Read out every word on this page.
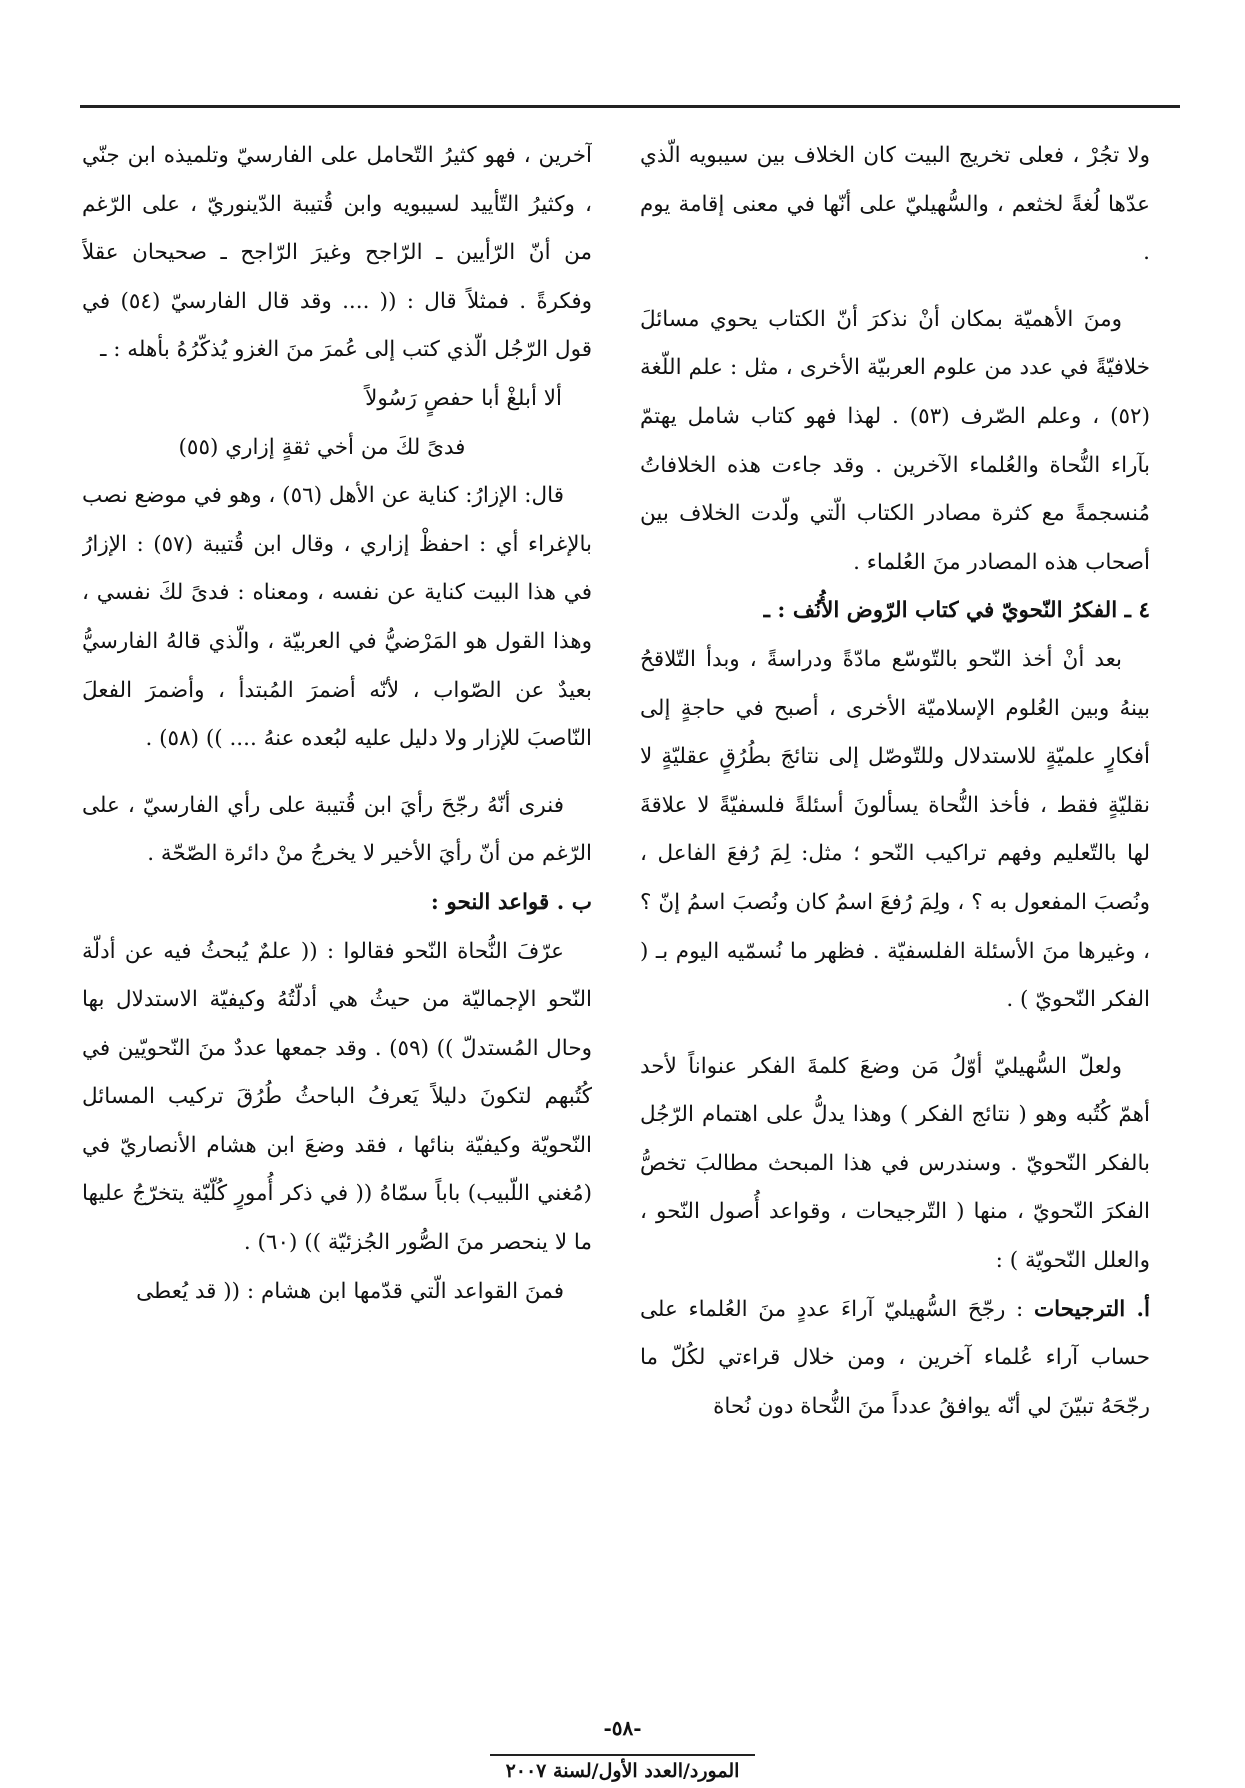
ولا تجُرْ ، فعلى تخريج البيت كان الخلاف بين سيبويه الّذي عدّها لُغةً لخثعم ، والسُّهيليّ على أنّها في معنى إقامة يوم .

ومنَ الأهميّة بمكان أنْ نذكرَ أنّ الكتاب يحوي مسائلَ خلافيّةً في عدد من علوم العربيّة الأخرى ، مثل : علم اللّغة (٥٢) ، وعلم الصّرف (٥٣) . لهذا فهو كتاب شامل يهتمّ بآراء النُّحاة والعُلماء الآخرين . وقد جاءت هذه الخلافاتُ مُنسجمةً مع كثرة مصادر الكتاب الّتي ولّدت الخلاف بين أصحاب هذه المصادر منَ العُلماء .

٤ ـ الفكرُ النّحويّ في كتاب الرّوض الأُنُف : ـ

بعد أنْ أخذ النّحو بالتّوسّع مادّةً ودراسةً ، وبدأ التّلاقحُ بينهُ وبين العُلوم الإسلاميّة الأخرى ، أصبح في حاجةٍ إلى أفكارٍ علميّةٍ للاستدلال وللتّوصّل إلى نتائجَ بطُرُقٍ عقليّةٍ لا نقليّةٍ فقط ، فأخذ النُّحاة يسألونَ أسئلةً فلسفيّةً لا علاقةَ لها بالتّعليم وفهم تراكيب النّحو ؛ مثل: لِمَ رُفعَ الفاعل ، ونُصبَ المفعول به ؟ ، ولِمَ رُفعَ اسمُ كان ونُصبَ اسمُ إنّ ؟ ، وغيرها منَ الأسئلة الفلسفيّة . فظهر ما نُسمّيه اليوم بـ ( الفكر النّحويّ ) .

ولعلّ السُّهيليّ أوّلُ مَن وضعَ كلمةَ الفكر عنواناً لأحد أهمّ كُتُبه وهو ( نتائج الفكر ) وهذا يدلُّ على اهتمام الرّجُل بالفكر النّحويّ . وسندرس في هذا المبحث مطالبَ تخصُّ الفكرَ النّحويّ ، منها ( التّرجيحات ، وقواعد أُصول النّحو ، والعلل النّحويّة ) :

أ. الترجيحات : رجّحَ السُّهيليّ آراءَ عددٍ منَ العُلماء على حساب آراء عُلماء آخرين ، ومن خلال قراءتي لكُلّ ما رجّحَهُ تبيّنَ لي أنّه يوافقُ عدداً منَ النُّحاة دون نُحاة

آخرين ، فهو كثيرُ التّحامل على الفارسيّ وتلميذه ابن جنّي ، وكثيرُ التّأييد لسيبويه وابن قُتيبة الدّينوريّ ، على الرّغم من أنّ الرّأيين ـ الرّاجح وغيرَ الرّاجح ـ صحيحان عقلاً وفكرةً . فمثلاً قال : (( .... وقد قال الفارسيّ (٥٤) في قول الرّجُل الّذي كتب إلى عُمرَ منَ الغزو يُذكّرُهُ بأهله : ـ

ألا أبلغْ أبا حفصٍ رَسُولاً

فدىً لكَ من أخي ثقةٍ إزاري (٥٥)

قال: الإزارُ: كناية عن الأهل (٥٦) ، وهو في موضع نصب بالإغراء أي : احفظْ إزاري ، وقال ابن قُتيبة (٥٧) : الإزارُ في هذا البيت كناية عن نفسه ، ومعناه : فدىً لكَ نفسي ، وهذا القول هو المَرْضيُّ في العربيّة ، والّذي قالهُ الفارسيُّ بعيدٌ عن الصّواب ، لأنّه أضمرَ المُبتدأ ، وأضمرَ الفعلَ النّاصبَ للإزار ولا دليل عليه لبُعده عنهُ .... )) (٥٨) .

فنرى أنّهُ رجّحَ رأيَ ابن قُتيبة على رأي الفارسيّ ، على الرّغم من أنّ رأيَ الأخير لا يخرجُ منْ دائرة الصّحّة .

ب . قواعد النحو :

عرّفَ النُّحاة النّحو فقالوا : (( علمٌ يُبحثُ فيه عن أدلّة النّحو الإجماليّة من حيثُ هي أدلّتُهُ وكيفيّة الاستدلال بها وحال المُستدلّ )) (٥٩) . وقد جمعها عددٌ منَ النّحويّين في كُتُبهم لتكونَ دليلاً يَعرفُ الباحثُ طُرُقَ تركيب المسائل النّحويّة وكيفيّة بنائها ، فقد وضعَ ابن هشام الأنصاريّ في (مُغني اللّبيب) باباً سمّاهُ (( في ذكر أُمورٍ كُلّيّة يتخرّجُ عليها ما لا ينحصر منَ الصُّور الجُزئيّة )) (٦٠) .

فمنَ القواعد الّتي قدّمها ابن هشام : (( قد يُعطى

-٥٨-
المورد/العدد الأول/لسنة ٢٠٠٧
